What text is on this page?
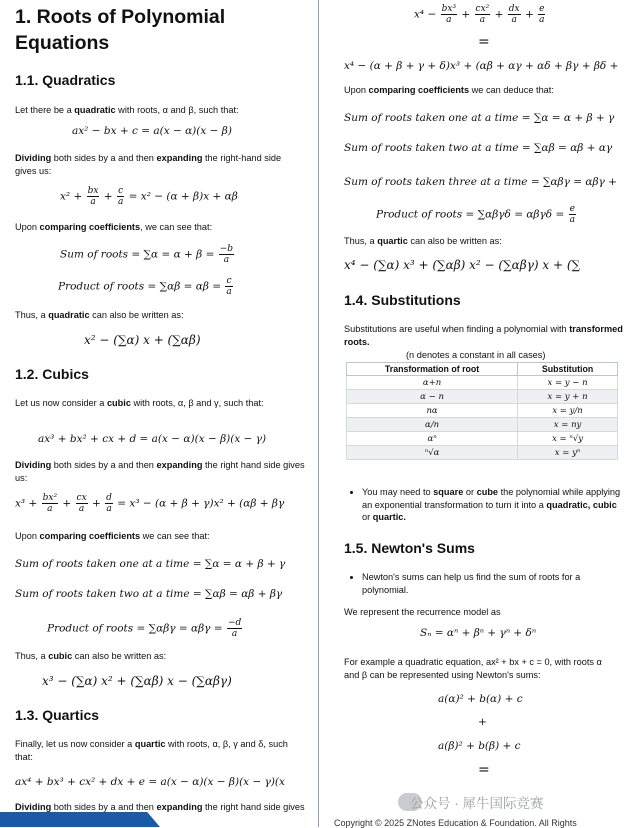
1. Roots of Polynomial
Equations
1.1. Quadratics

Let there be a quadratic with roots, α and β, such that:

ax² − bx + c = a(x − α)(x − β)

Dividing both sides by a and then expanding the right-hand side gives us:

$x^2 + \frac{bx}{a} + \frac{c}{a} = x^2 - (\alpha + \beta)x + \alpha\beta$

Upon comparing coefficients, we can see that:

Sum of roots = $\sum\alpha = \alpha + \beta = \frac{-b}{a}$
Product of roots = $\sum\alpha\beta = \alpha\beta = \frac{c}{a}$

Thus, a quadratic can also be written as:

x² − (∑α) x + (∑αβ)
1.2. Cubics

Let us now consider a cubic with roots, α, β and γ, such that:

ax³ + bx² + cx + d = a(x − α)(x − β)(x − γ)

Dividing both sides by a and then expanding the right hand side gives us:

$x^3 + \frac{\text{bx²}}{a} + \frac{cx}{a} + \frac{d}{a} = x^3 - (\alpha + \beta + \gamma)x^2 + (\alpha\beta + \beta\gamma$

Upon comparing coefficients we can see that:

Sum of roots taken one at a time = ∑α = α + β + γ
Sum of roots taken two at a time = ∑αβ = αβ + βγ
Product of roots = $\sum\alpha\beta\gamma = \alpha\beta\gamma = \frac{-d}{a}$

Thus, a cubic can also be written as:

x³ − (∑α) x² + (∑αβ) x − (∑αβγ)
1.3. Quartics

Finally, let us now consider a quartic with roots, α, β, γ and δ, such that:

ax⁴ + bx³ + cx² + dx + e = a(x − α)(x − β)(x − γ)(x

Dividing both sides by a and then expanding the right hand side gives

$x^4 - \frac{\text{bx³}}{a} + \frac{\text{cx²}}{a} + \frac{dx}{a} + \frac{e}{a}$
=
x⁴ − (α + β + γ + δ)x³ + (αβ + αγ + αδ + βγ + βδ +

Upon comparing coefficients we can deduce that:

Sum of roots taken one at a time = ∑α = α + β + γ
Sum of roots taken two at a time = ∑αβ = αβ + αγ
Sum of roots taken three at a time = ∑αβγ = αβγ +
Product of roots = $\sum\alpha\beta\gamma\delta = \alpha\beta\gamma\delta = \frac{e}{a}$

Thus, a quartic can also be written as:

x⁴ − (∑α) x³ + (∑αβ) x² − (∑αβγ) x + (∑
1.4. Substitutions

Substitutions are useful when finding a polynomial with transformed roots.

(n denotes a constant in all cases)

Transformation of root	Substitution
α+n	x = y − n
α − n	x = y + n
nα	x = y/n
α/n	x = ny
αⁿ	x = ⁿ√y
ⁿ√α	x = yⁿ
• You may need to square or cube the polynomial while applying an exponential transformation to turn it into a quadratic, cubic or quartic.
1.5. Newton's Sums
• Newton's sums can help us find the sum of roots for a polynomial.

We represent the recurrence model as

Sₙ = αⁿ + βⁿ + γⁿ + δⁿ

For example a quadratic equation, ax² + bx + c = 0, with roots α and β can be represented using Newton's sums:

a(α)² + b(α) + c
+
a(β)² + b(β) + c
=
公众号 · 犀牛国际竞赛
Copyright © 2025 ZNotes Education & Foundation. All Rights
